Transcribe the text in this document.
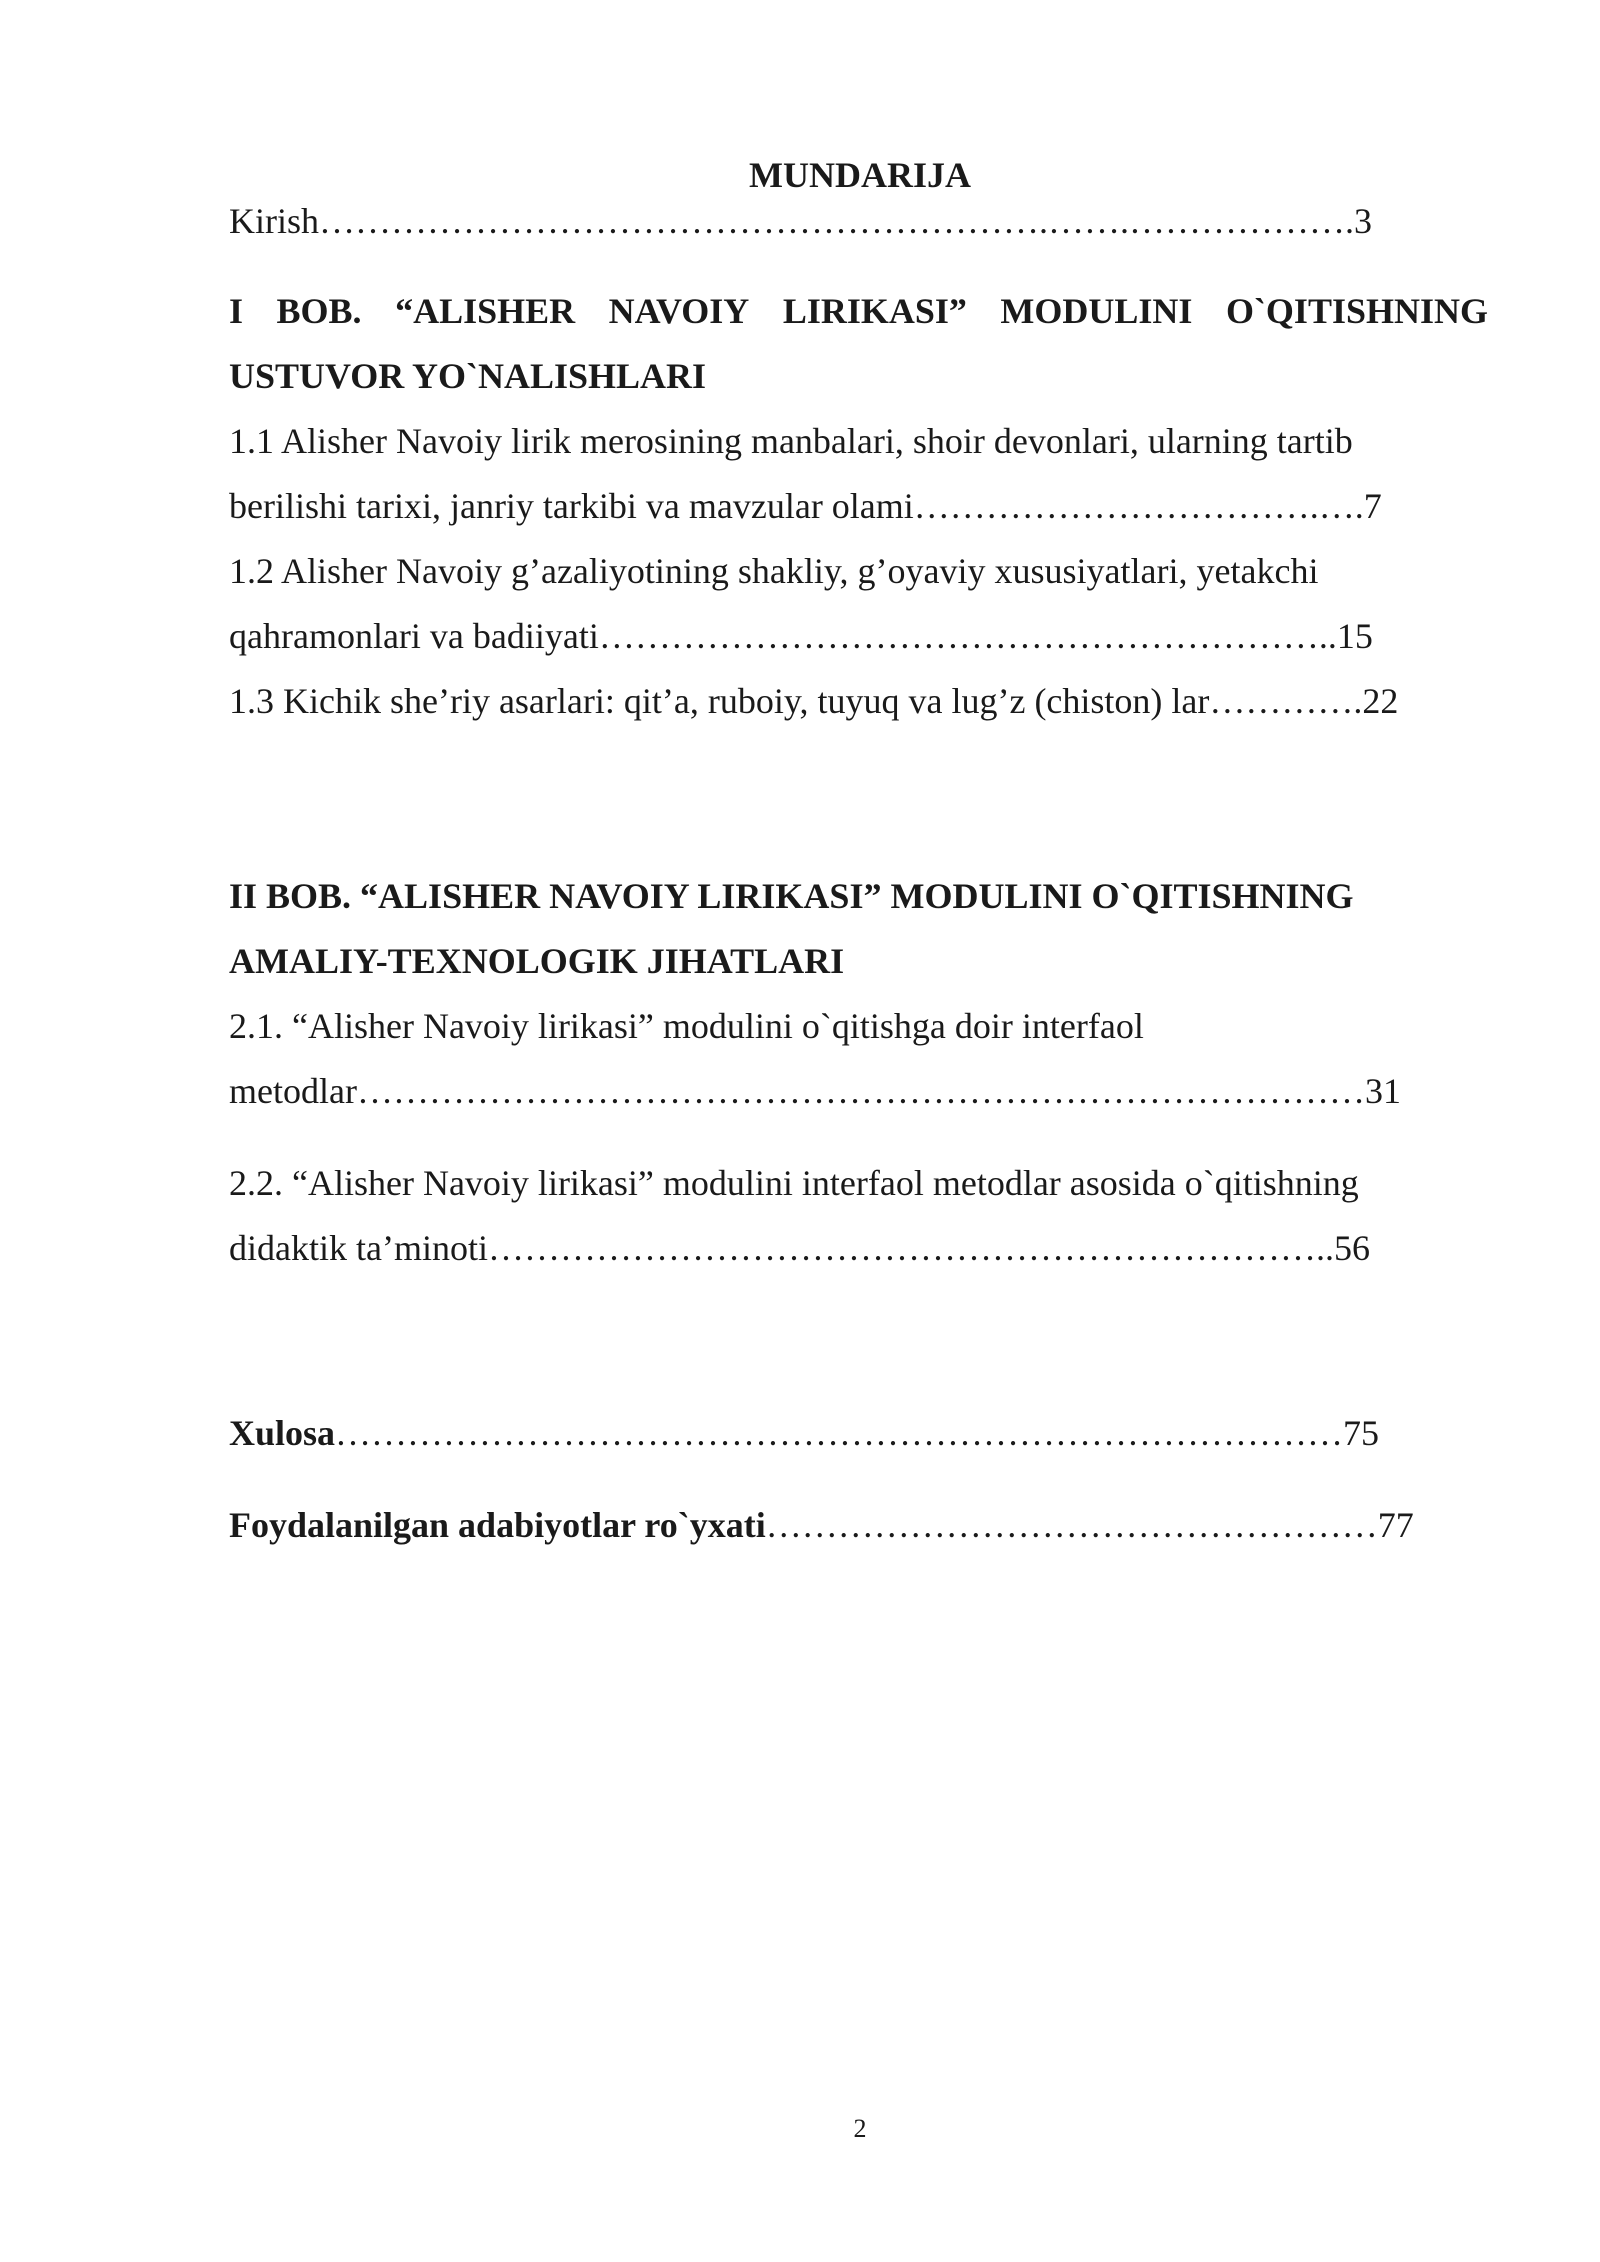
MUNDARIJA
Kirish…………………………………………………….…….……………….3
I BOB. “ALISHER NAVOIY LIRIKASI” MODULINI O`QITISHNING
USTUVOR YO`NALISHLARI
1.1 Alisher Navoiy lirik merosining manbalari, shoir devonlari, ularning tartib
berilishi tarixi, janriy tarkibi va mavzular olami…………………………….….7
1.2 Alisher Navoiy g’azaliyotining shakliy, g’oyaviy xususiyatlari, yetakchi
qahramonlari va badiiyati……………………………………………………..15
1.3 Kichik she’riy asarlari: qit’a, ruboiy, tuyuq va lug’z (chiston) lar………….22
II BOB. “ALISHER NAVOIY LIRIKASI” MODULINI O`QITISHNING
AMALIY-TEXNOLOGIK JIHATLARI
2.1. “Alisher Navoiy lirikasi” modulini o`qitishga doir interfaol
metodlar…………………………………………………………………………31
2.2. “Alisher Navoiy lirikasi” modulini interfaol metodlar asosida o`qitishning
didaktik ta’minoti……………………………………………………………..56
Xulosa…………………………………………………………………………75
Foydalanilgan adabiyotlar ro`yxati……………………………………………77
2
